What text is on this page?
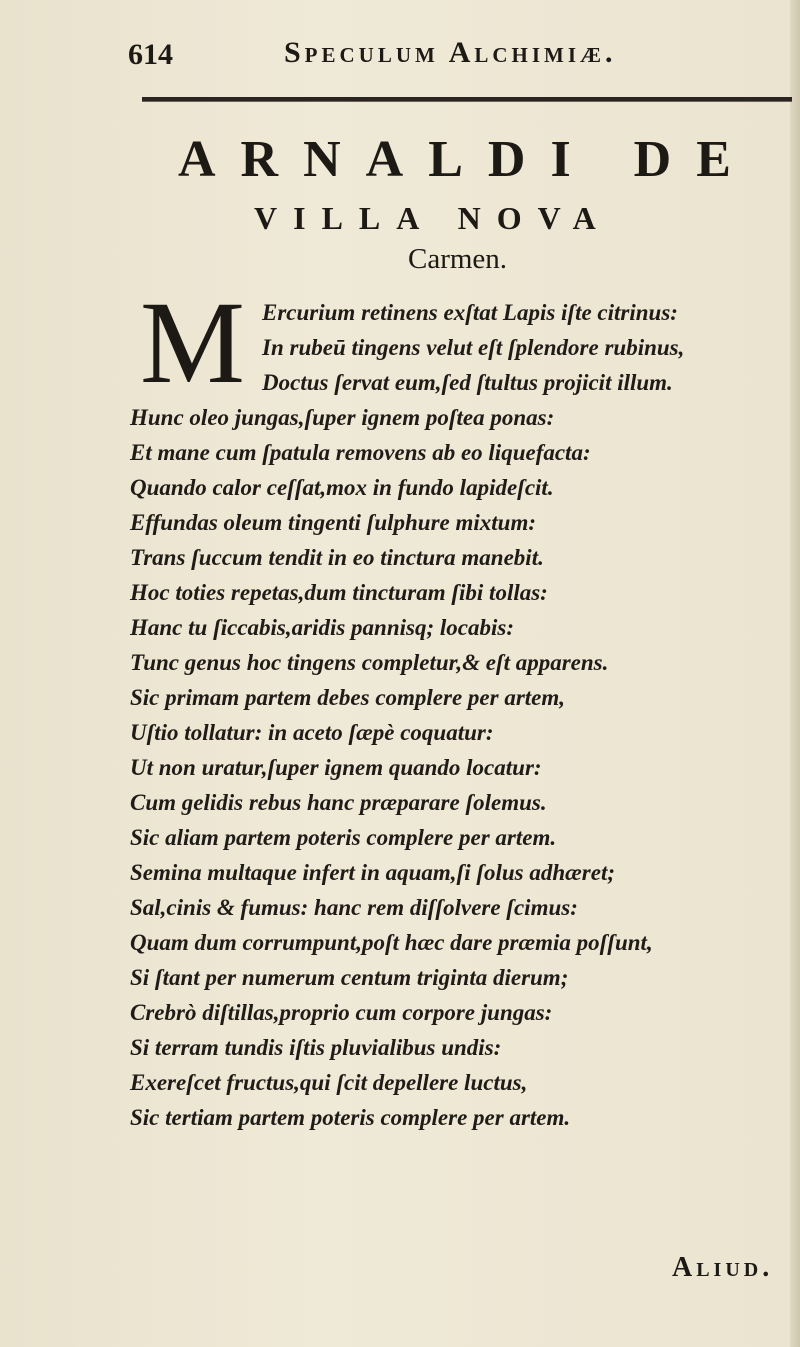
614	Speculum Alchimiæ.
ARNALDI DE
VILLA NOVA
Carmen.
M Ercurium retinens exſtat Lapis iſte citrinus:
In rubeū tingens velut eſt ſplendore rubinus,
Doctus ſervat eum,ſed ſtultus projicit illum.
Hunc oleo jungas,ſuper ignem poſtea ponas:
Et mane cum ſpatula removens ab eo liquefacta:
Quando calor ceſſat,mox in fundo lapideſcit.
Effundas oleum tingenti ſulphure mixtum:
Trans ſuccum tendit in eo tinctura manebit.
Hoc toties repetas,dum tincturam ſibi tollas:
Hanc tu ſiccabis,aridis pannisq; locabis:
Tunc genus hoc tingens completur,& eſt apparens.
Sic primam partem debes complere per artem,
Uſtio tollatur: in aceto ſæpè coquatur:
Ut non uratur,ſuper ignem quando locatur:
Cum gelidis rebus hanc præparare ſolemus.
Sic aliam partem poteris complere per artem.
Semina multaque infert in aquam,ſi ſolus adhæret;
Sal,cinis & fumus: hanc rem diſſolvere ſcimus:
Quam dum corrumpunt,poſt hæc dare præmia poſſunt,
Si ſtant per numerum centum triginta dierum;
Crebrò diſtillas,proprio cum corpore jungas:
Si terram tundis iſtis pluvialibus undis:
Exereſcet fructus,qui ſcit depellere luctus,
Sic tertiam partem poteris complere per artem.
Aliud.
